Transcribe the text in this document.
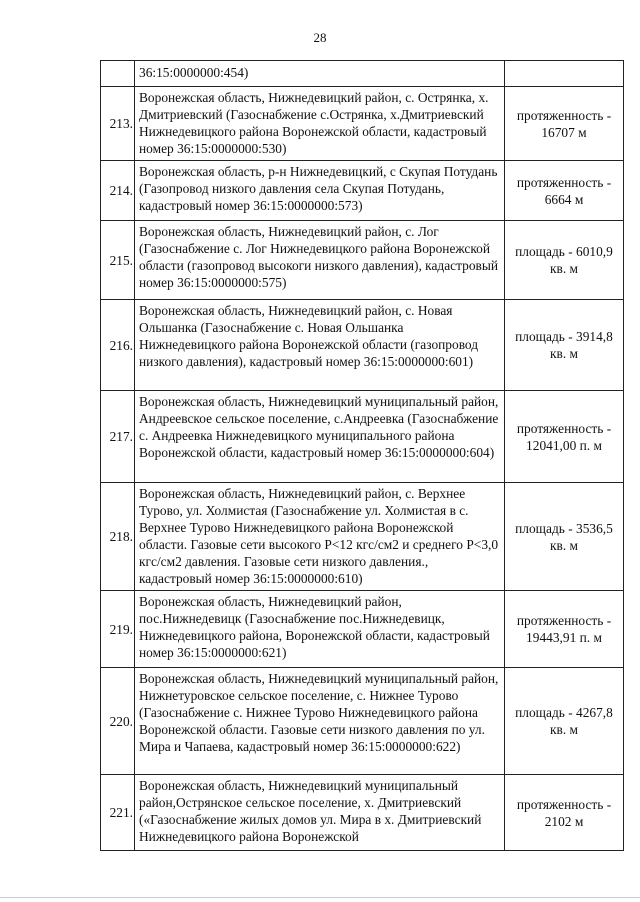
28
	36:15:0000000:454)	
213.	Воронежская область, Нижнедевицкий район, с. Острянка, х. Дмитриевский (Газоснабжение с.Острянка, х.Дмитриевский Нижнедевицкого района Воронежской области, кадастровый номер 36:15:0000000:530)	протяженность - 16707 м
214.	Воронежская область, р-н Нижнедевицкий, с Скупая Потудань (Газопровод низкого давления села Скупая Потудань, кадастровый номер 36:15:0000000:573)	протяженность - 6664 м
215.	Воронежская область, Нижнедевицкий район, с. Лог (Газоснабжение с. Лог Нижнедевицкого района Воронежской области (газопровод высокоги низкого давления), кадастровый номер 36:15:0000000:575)	площадь - 6010,9 кв. м
216.	Воронежская область, Нижнедевицкий район, с. Новая Ольшанка (Газоснабжение с. Новая Ольшанка Нижнедевицкого района Воронежской области (газопровод низкого давления), кадастровый номер 36:15:0000000:601)	площадь - 3914,8 кв. м
217.	Воронежская область, Нижнедевицкий муниципальный район, Андреевское сельское поселение, с.Андреевка (Газоснабжение с. Андреевка Нижнедевицкого муниципального района Воронежской области, кадастровый номер 36:15:0000000:604)	протяженность - 12041,00 п. м
218.	Воронежская область, Нижнедевицкий район, с. Верхнее Турово, ул. Холмистая (Газоснабжение ул. Холмистая в с. Верхнее Турово Нижнедевицкого района Воронежской области. Газовые сети высокого P<12 кгс/см2 и среднего P<3,0 кгс/см2 давления. Газовые сети низкого давления., кадастровый номер 36:15:0000000:610)	площадь - 3536,5 кв. м
219.	Воронежская область, Нижнедевицкий район, пос.Нижнедевицк (Газоснабжение пос.Нижнедевицк, Нижнедевицкого района, Воронежской области, кадастровый номер 36:15:0000000:621)	протяженность - 19443,91 п. м
220.	Воронежская область, Нижнедевицкий муниципальный район, Нижнетуровское сельское поселение, с. Нижнее Турово (Газоснабжение с. Нижнее Турово Нижнедевицкого района Воронежской области. Газовые сети низкого давления по ул. Мира и Чапаева, кадастровый номер 36:15:0000000:622)	площадь - 4267,8 кв. м
221.	Воронежская область, Нижнедевицкий муниципальный район,Острянское сельское поселение, х. Дмитриевский («Газоснабжение жилых домов ул. Мира в х. Дмитриевский Нижнедевицкого района Воронежской	протяженность - 2102 м
